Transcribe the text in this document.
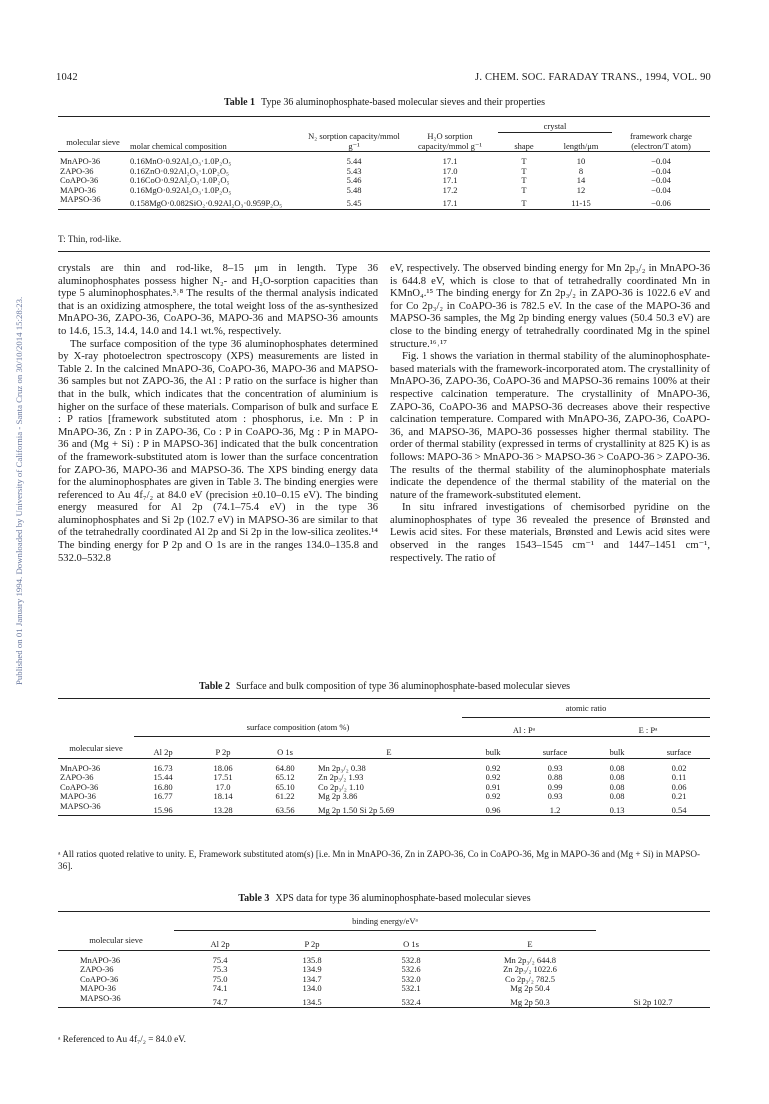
1042	J. CHEM. SOC. FARADAY TRANS., 1994, VOL. 90
Published on 01 January 1994. Downloaded by University of California - Santa Cruz on 30/10/2014 15:28:23.
Table 1 Type 36 aluminophosphate-based molecular sieves and their properties
				crystal		
molecular sieve	molar chemical composition	N₂ sorption capacity/mmol g⁻¹	H₂O sorption capacity/mmol g⁻¹	shape	length/μm	framework charge (electron/T atom)
MnAPO-36	0.16MnO·0.92Al₂O₃·1.0P₂O₅	5.44	17.1	T	10	−0.04
ZAPO-36	0.16ZnO·0.92Al₂O₃·1.0P₂O₅	5.43	17.0	T	8	−0.04
CoAPO-36	0.16CoO·0.92Al₂O₃·1.0P₂O₅	5.46	17.1	T	14	−0.04
MAPO-36	0.16MgO·0.92Al₂O₃·1.0P₂O₅	5.48	17.2	T	12	−0.04
MAPSO-36	0.158MgO·0.082SiO₂·0.92Al₂O₃·0.959P₂O₅	5.45	17.1	T	11-15	−0.06
T: Thin, rod-like.

crystals are thin and rod-like, 8–15 μm in length. Type 36 aluminophosphates possess higher N₂- and H₂O-sorption capacities than type 5 aluminophosphates.³˒⁸ The results of the thermal analysis indicated that is an oxidizing atmosphere, the total weight loss of the as-synthesized MnAPO-36, ZAPO-36, CoAPO-36, MAPO-36 and MAPSO-36 amounts to 14.6, 15.3, 14.4, 14.0 and 14.1 wt.%, respectively.

The surface composition of the type 36 aluminophosphates determined by X-ray photoelectron spectroscopy (XPS) measurements are listed in Table 2. In the calcined MnAPO-36, CoAPO-36, MAPO-36 and MAPSO-36 samples but not ZAPO-36, the Al : P ratio on the surface is higher than that in the bulk, which indicates that the concentration of aluminium is higher on the surface of these materials. Comparison of bulk and surface E : P ratios [framework substituted atom : phosphorus, i.e. Mn : P in MnAPO-36, Zn : P in ZAPO-36, Co : P in CoAPO-36, Mg : P in MAPO-36 and (Mg + Si) : P in MAPSO-36] indicated that the bulk concentration of the framework-substituted atom is lower than the surface concentration for ZAPO-36, MAPO-36 and MAPSO-36. The XPS binding energy data for the aluminophosphates are given in Table 3. The binding energies were referenced to Au 4f₇/₂ at 84.0 eV (precision ±0.10–0.15 eV). The binding energy measured for Al 2p (74.1–75.4 eV) in the type 36 aluminophosphates and Si 2p (102.7 eV) in MAPSO-36 are similar to that of the tetrahedrally coordinated Al 2p and Si 2p in the low-silica zeolites.¹⁴ The binding energy for P 2p and O 1s are in the ranges 134.0–135.8 and 532.0–532.8

eV, respectively. The observed binding energy for Mn 2p₃/₂ in MnAPO-36 is 644.8 eV, which is close to that of tetrahedrally coordinated Mn in KMnO₄.¹⁵ The binding energy for Zn 2p₃/₂ in ZAPO-36 is 1022.6 eV and for Co 2p₃/₂ in CoAPO-36 is 782.5 eV. In the case of the MAPO-36 and MAPSO-36 samples, the Mg 2p binding energy values (50.4 50.3 eV) are close to the binding energy of tetrahedrally coordinated Mg in the spinel structure.¹⁶˒¹⁷

Fig. 1 shows the variation in thermal stability of the aluminophosphate-based materials with the framework-incorporated atom. The crystallinity of MnAPO-36, ZAPO-36, CoAPO-36 and MAPSO-36 remains 100% at their respective calcination temperature. The crystallinity of MnAPO-36, ZAPO-36, CoAPO-36 and MAPSO-36 decreases above their respective calcination temperature. Compared with MnAPO-36, ZAPO-36, CoAPO-36, and MAPSO-36, MAPO-36 possesses higher thermal stability. The order of thermal stability (expressed in terms of crystallinity at 825 K) is as follows: MAPO-36 > MnAPO-36 > MAPSO-36 > CoAPO-36 > ZAPO-36. The results of the thermal stability of the aluminophosphate materials indicate the dependence of the thermal stability of the material on the nature of the framework-substituted element.

In situ infrared investigations of chemisorbed pyridine on the aluminophosphates of type 36 revealed the presence of Brønsted and Lewis acid sites. For these materials, Brønsted and Lewis acid sites were observed in the ranges 1543–1545 cm⁻¹ and 1447–1451 cm⁻¹, respectively. The ratio of

Table 2 Surface and bulk composition of type 36 aluminophosphate-based molecular sieves
					atomic ratio			
	surface composition (atom %)				Al : Pᵃ		E : Pᵃ	
molecular sieve	Al 2p	P 2p	O 1s	E	bulk	surface	bulk	surface
MnAPO-36	16.73	18.06	64.80	Mn 2p₃/₂ 0.38	0.92	0.93	0.08	0.02
ZAPO-36	15.44	17.51	65.12	Zn 2p₃/₂ 1.93	0.92	0.88	0.08	0.11
CoAPO-36	16.80	17.0	65.10	Co 2p₃/₂ 1.10	0.91	0.99	0.08	0.06
MAPO-36	16.77	18.14	61.22	Mg 2p 3.86	0.92	0.93	0.08	0.21
MAPSO-36	15.96	13.28	63.56	Mg 2p 1.50 Si 2p 5.69	0.96	1.2	0.13	0.54
ᵃ All ratios quoted relative to unity. E, Framework substituted atom(s) [i.e. Mn in MnAPO-36, Zn in ZAPO-36, Co in CoAPO-36, Mg in MAPO-36 and (Mg + Si) in MAPSO-36].
Table 3 XPS data for type 36 aluminophosphate-based molecular sieves
	binding energy/eVᵃ				
molecular sieve	Al 2p	P 2p	O 1s	E	
MnAPO-36	75.4	135.8	532.8	Mn 2p₃/₂ 644.8	
ZAPO-36	75.3	134.9	532.6	Zn 2p₃/₂ 1022.6	
CoAPO-36	75.0	134.7	532.0	Co 2p₃/₂ 782.5	
MAPO-36	74.1	134.0	532.1	Mg 2p 50.4	
MAPSO-36	74.7	134.5	532.4	Mg 2p 50.3	Si 2p 102.7
ᵃ Referenced to Au 4f₇/₂ = 84.0 eV.
